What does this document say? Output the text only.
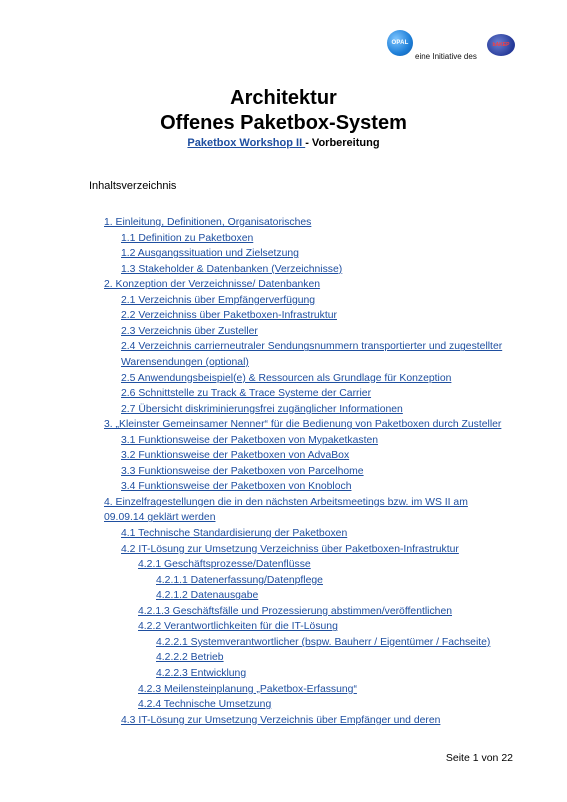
OPAL
eine Initiative des
bAKEP
Architektur
Offenes Paketbox-System
Paketbox Workshop II - Vorbereitung
Inhaltsverzeichnis
1. Einleitung, Definitionen, Organisatorisches
1.1 Definition zu Paketboxen
1.2 Ausgangssituation und Zielsetzung
1.3 Stakeholder & Datenbanken (Verzeichnisse)
2. Konzeption der Verzeichnisse/ Datenbanken
2.1 Verzeichnis über Empfängerverfügung
2.2 Verzeichniss über Paketboxen-Infrastruktur
2.3 Verzeichnis über Zusteller
2.4 Verzeichnis carrierneutraler Sendungsnummern transportierter und zugestellter
Warensendungen (optional)
2.5 Anwendungsbeispiel(e) & Ressourcen als Grundlage für Konzeption
2.6 Schnittstelle zu Track & Trace Systeme der Carrier
2.7 Übersicht diskriminierungsfrei zugänglicher Informationen
3. „Kleinster Gemeinsamer Nenner“ für die Bedienung von Paketboxen durch Zusteller
3.1 Funktionsweise der Paketboxen von Mypaketkasten
3.2 Funktionsweise der Paketboxen von AdvaBox
3.3 Funktionsweise der Paketboxen von Parcelhome
3.4 Funktionsweise der Paketboxen von Knobloch
4. Einzelfragestellungen die in den nächsten Arbeitsmeetings bzw. im WS II am
09.09.14 geklärt werden
4.1 Technische Standardisierung der Paketboxen
4.2 IT-Lösung zur Umsetzung Verzeichniss über Paketboxen-Infrastruktur
4.2.1 Geschäftsprozesse/Datenflüsse
4.2.1.1 Datenerfassung/Datenpflege
4.2.1.2 Datenausgabe
4.2.1.3 Geschäftsfälle und Prozessierung abstimmen/veröffentlichen
4.2.2 Verantwortlichkeiten für die IT-Lösung
4.2.2.1 Systemverantwortlicher (bspw. Bauherr / Eigentümer / Fachseite)
4.2.2.2 Betrieb
4.2.2.3 Entwicklung
4.2.3 Meilensteinplanung „Paketbox-Erfassung“
4.2.4 Technische Umsetzung
4.3 IT-Lösung zur Umsetzung Verzeichnis über Empfänger und deren
Seite 1 von 22
